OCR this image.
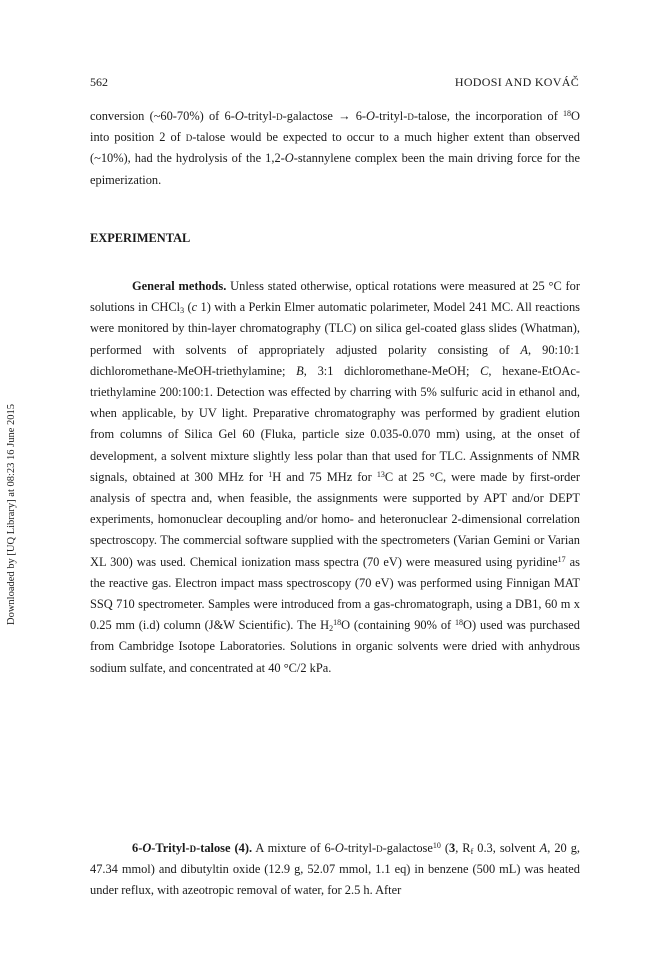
Downloaded by [UQ Library] at 08:23 16 June 2015
562	HODOSI AND KOVÁČ

conversion (~60-70%) of 6-O-trityl-d-galactose → 6-O-trityl-d-talose, the incorporation of $^{18}$O into position 2 of d-talose would be expected to occur to a much higher extent than observed (~10%), had the hydrolysis of the 1,2-O-stannylene complex been the main driving force for the epimerization.

EXPERIMENTAL

General methods. Unless stated otherwise, optical rotations were measured at 25 °C for solutions in CHCl$_3$ (c 1) with a Perkin Elmer automatic polarimeter, Model 241 MC. All reactions were monitored by thin-layer chromatography (TLC) on silica gel-coated glass slides (Whatman), performed with solvents of appropriately adjusted polarity consisting of A, 90:10:1 dichloromethane-MeOH-triethylamine; B, 3:1 dichloromethane-MeOH; C, hexane-EtOAc-triethylamine 200:100:1. Detection was effected by charring with 5% sulfuric acid in ethanol and, when applicable, by UV light. Preparative chromatography was performed by gradient elution from columns of Silica Gel 60 (Fluka, particle size 0.035-0.070 mm) using, at the onset of development, a solvent mixture slightly less polar than that used for TLC. Assignments of NMR signals, obtained at 300 MHz for $^1$H and 75 MHz for $^{13}$C at 25 °C, were made by first-order analysis of spectra and, when feasible, the assignments were supported by APT and/or DEPT experiments, homonuclear decoupling and/or homo- and heteronuclear 2-dimensional correlation spectroscopy. The commercial software supplied with the spectrometers (Varian Gemini or Varian XL 300) was used. Chemical ionization mass spectra (70 eV) were measured using pyridine$^{17}$ as the reactive gas. Electron impact mass spectroscopy (70 eV) was performed using Finnigan MAT SSQ 710 spectrometer. Samples were introduced from a gas-chromatograph, using a DB1, 60 m x 0.25 mm (i.d) column (J&W Scientific). The $H_2^{18}O$ (containing 90% of $^{18}$O) used was purchased from Cambridge Isotope Laboratories. Solutions in organic solvents were dried with anhydrous sodium sulfate, and concentrated at 40 °C/2 kPa.

6-O-Trityl-d-talose (4). A mixture of 6-O-trityl-d-galactose$^{10}$ (3, $R_f$ 0.3, solvent A, 20 g, 47.34 mmol) and dibutyltin oxide (12.9 g, 52.07 mmol, 1.1 eq) in benzene (500 mL) was heated under reflux, with azeotropic removal of water, for 2.5 h. After
